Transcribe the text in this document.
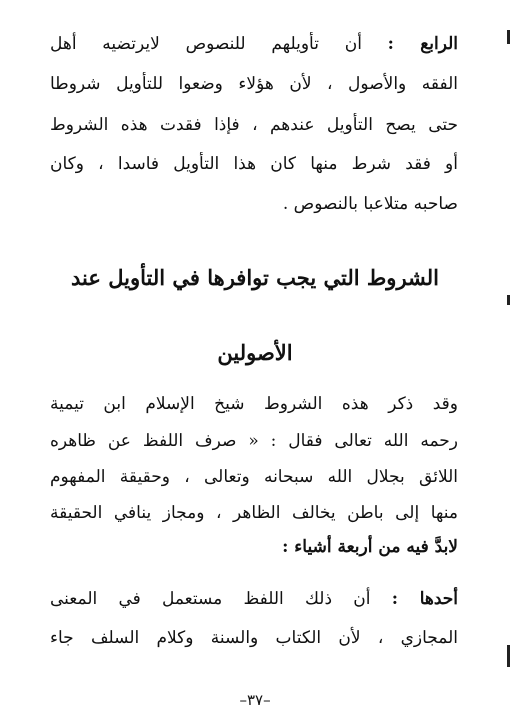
الرابع : أن تأويلهم للنصوص لايرتضيه أهل
الفقه والأصول ، لأن هؤلاء وضعوا للتأويل شروطا
حتى يصح التأويل عندهم ، فإذا فقدت هذه الشروط
أو فقد شرط منها كان هذا التأويل فاسدا ، وكان
صاحبه متلاعبا بالنصوص .
الشروط التي يجب توافرها في التأويل عند
الأصولين
وقد ذكر هذه الشروط شيخ الإسلام ابن تيمية
رحمه الله تعالى فقال : « صرف اللفظ عن ظاهره
اللائق بجلال الله سبحانه وتعالى ، وحقيقة المفهوم
منها إلى باطن يخالف الظاهر ، ومجاز ينافي الحقيقة
لابدَّ فيه من أربعة أشياء :
أحدها : أن ذلك اللفظ مستعمل في المعنى
المجازي ، لأن الكتاب والسنة وكلام السلف جاء
–٣٧–
